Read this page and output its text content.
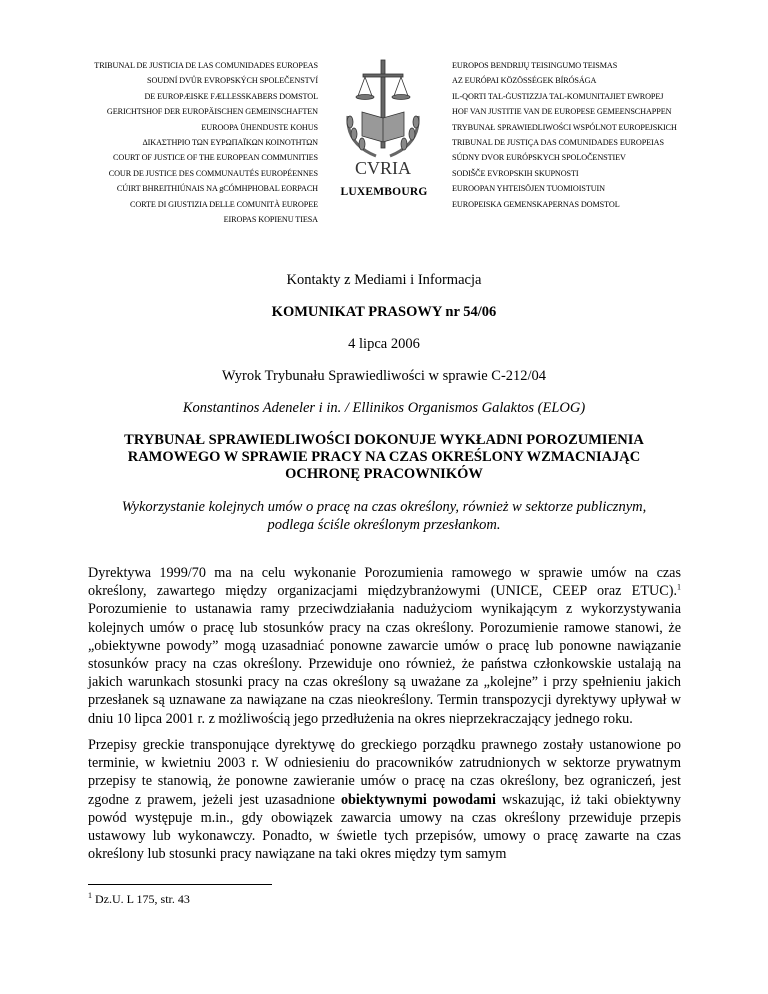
TRIBUNAL DE JUSTICIA DE LAS COMUNIDADES EUROPEAS
SOUDNÍ DVŮR EVROPSKÝCH SPOLEČENSTVÍ
DE EUROPÆISKE FÆLLESSKABERS DOMSTOL
GERICHTSHOF DER EUROPÄISCHEN GEMEINSCHAFTEN
EUROOPA ÜHENDUSTE KOHUS
ΔΙΚΑΣΤΗΡΙΟ ΤΩΝ ΕΥΡΩΠΑΪΚΩΝ ΚΟΙΝΟΤΗΤΩΝ
COURT OF JUSTICE OF THE EUROPEAN COMMUNITIES
COUR DE JUSTICE DES COMMUNAUTÉS EUROPÉENNES
CÚIRT BHREITHIÚNAIS NA gCÓMHPHOBAL EORPACH
CORTE DI GIUSTIZIA DELLE COMUNITÀ EUROPEE
EIROPAS KOPIENU TIESA
EUROPOS BENDRIJŲ TEISINGUMO TEISMAS
AZ EURÓPAI KÖZÖSSÉGEK BÍRÓSÁGA
IL-QORTI TAL-ĠUSTIZZJA TAL-KOMUNITAJIET EWROPEJ
HOF VAN JUSTITIE VAN DE EUROPESE GEMEENSCHAPPEN
TRYBUNAŁ SPRAWIEDLIWOŚCI WSPÓLNOT EUROPEJSKICH
TRIBUNAL DE JUSTIÇA DAS COMUNIDADES EUROPEIAS
SÚDNY DVOR EURÓPSKYCH SPOLOČENSTIEV
SODIŠČE EVROPSKIH SKUPNOSTI
EUROOPAN YHTEISÖJEN TUOMIOISTUIN
EUROPEISKA GEMENSKAPERNAS DOMSTOL
CVRIA
LUXEMBOURG
Kontakty z Mediami i Informacja
KOMUNIKAT PRASOWY nr 54/06
4 lipca 2006
Wyrok Trybunału Sprawiedliwości w sprawie C-212/04
Konstantinos Adeneler i in. / Ellinikos Organismos Galaktos (ELOG)
TRYBUNAŁ SPRAWIEDLIWOŚCI DOKONUJE WYKŁADNI POROZUMIENIA
RAMOWEGO W SPRAWIE PRACY NA CZAS OKREŚLONY WZMACNIAJĄC
OCHRONĘ PRACOWNIKÓW
Wykorzystanie kolejnych umów o pracę na czas określony, również w sektorze publicznym,
podlega ściśle określonym przesłankom.
Dyrektywa 1999/70 ma na celu wykonanie Porozumienia ramowego w sprawie umów na czas określony, zawartego między organizacjami międzybranżowymi (UNICE, CEEP oraz ETUC).$^1$ Porozumienie to ustanawia ramy przeciwdziałania nadużyciom wynikającym z wykorzystywania kolejnych umów o pracę lub stosunków pracy na czas określony. Porozumienie ramowe stanowi, że „obiektywne powody” mogą uzasadniać ponowne zawarcie umów o pracę lub ponowne nawiązanie stosunków pracy na czas określony. Przewiduje ono również, że państwa członkowskie ustalają na jakich warunkach stosunki pracy na czas określony są uważane za „kolejne” i przy spełnieniu jakich przesłanek są uznawane za nawiązane na czas nieokreślony. Termin transpozycji dyrektywy upływał w dniu 10 lipca 2001 r. z możliwością jego przedłużenia na okres nieprzekraczający jednego roku.
Przepisy greckie transponujące dyrektywę do greckiego porządku prawnego zostały ustanowione po terminie, w kwietniu 2003 r. W odniesieniu do pracowników zatrudnionych w sektorze prywatnym przepisy te stanowią, że ponowne zawieranie umów o pracę na czas określony, bez ograniczeń, jest zgodne z prawem, jeżeli jest uzasadnione obiektywnymi powodami wskazując, iż taki obiektywny powód występuje m.in., gdy obowiązek zawarcia umowy na czas określony przewiduje przepis ustawowy lub wykonawczy. Ponadto, w świetle tych przepisów, umowy o pracę zawarte na czas określony lub stosunki pracy nawiązane na taki okres między tym samym
$^1$ Dz.U. L 175, str. 43
